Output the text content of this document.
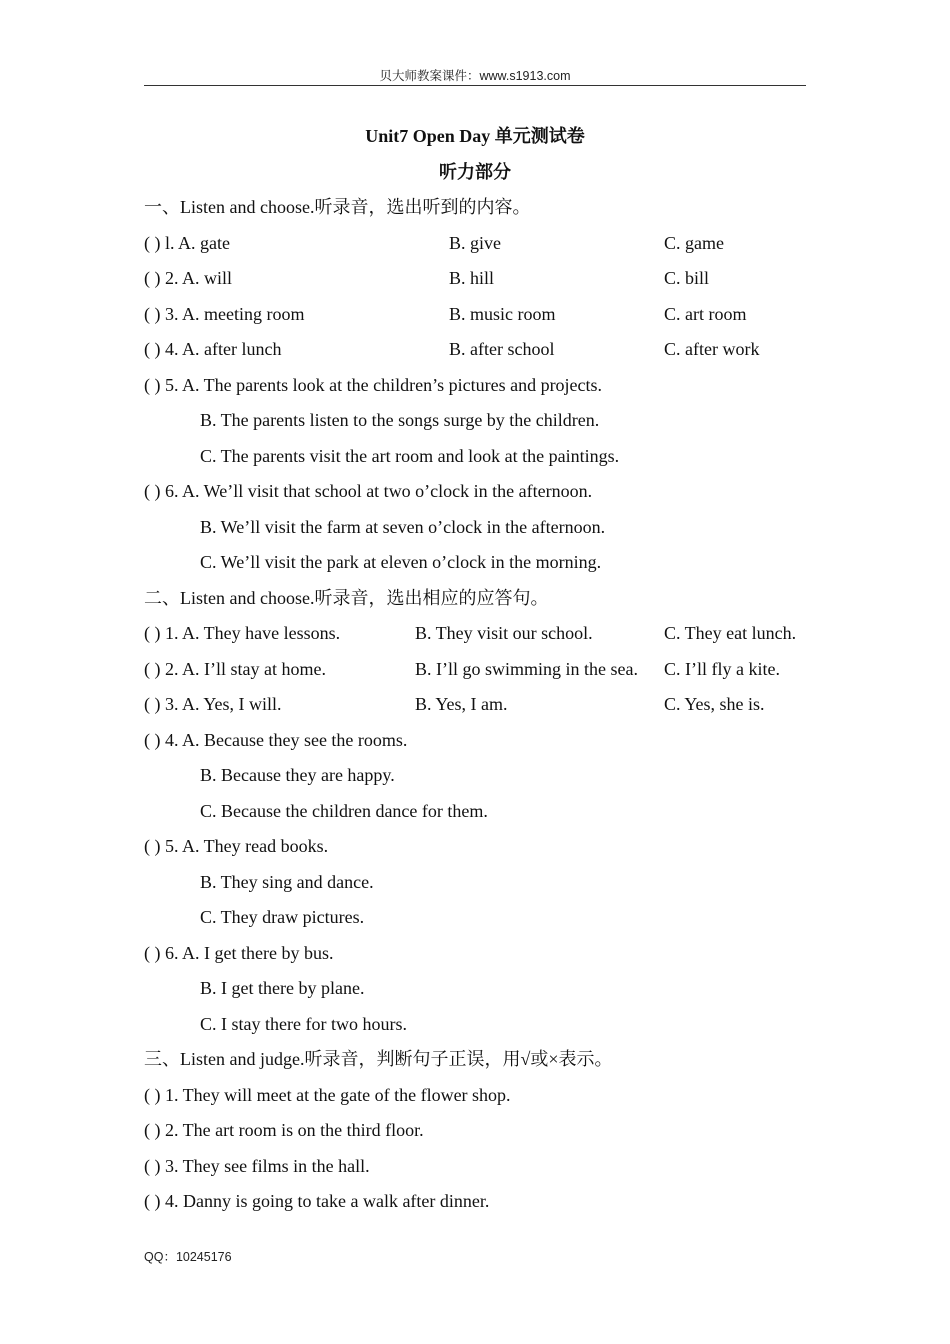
贝大师教案课件：www.s1913.com
Unit7 Open Day 单元测试卷
听力部分
一、Listen and choose.听录音，选出听到的内容。
( ) l. A. gate	B. give	C. game
( ) 2. A. will	B. hill	C. bill
( ) 3. A. meeting room	B. music room	C. art room
( ) 4. A. after lunch	B. after school	C. after work
( ) 5. A. The parents look at the children’s pictures and projects.
B. The parents listen to the songs surge by the children.
C. The parents visit the art room and look at the paintings.
( ) 6. A. We’ll visit that school at two o’clock in the afternoon.
B. We’ll visit the farm at seven o’clock in the afternoon.
C. We’ll visit the park at eleven o’clock in the morning.
二、Listen and choose.听录音，选出相应的应答句。
( ) 1. A. They have lessons.	B. They visit our school.	C. They eat lunch.
( ) 2. A. I’ll stay at home.	B. I’ll go swimming in the sea. C. I’ll fly a kite.
( ) 3. A. Yes, I will.	B. Yes, I am.	C. Yes, she is.
( ) 4. A. Because they see the rooms.
B. Because they are happy.
C. Because the children dance for them.
( ) 5. A. They read books.
B. They sing and dance.
C. They draw pictures.
( ) 6. A. I get there by bus.
B. I get there by plane.
C. I stay there for two hours.
三、Listen and judge.听录音，判断句子正误，用√或×表示。
( ) 1. They will meet at the gate of the flower shop.
( ) 2. The art room is on the third floor.
( ) 3. They see films in the hall.
( ) 4. Danny is going to take a walk after dinner.
QQ：10245176
